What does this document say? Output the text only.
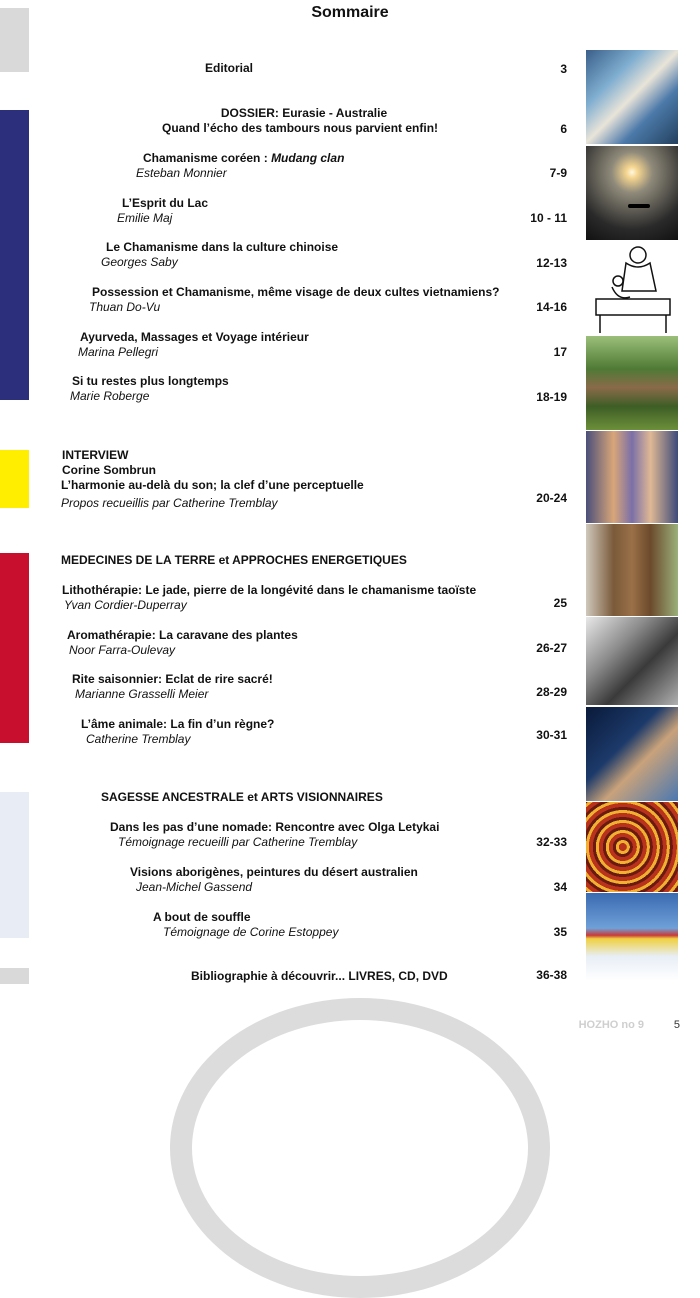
Sommaire
Editorial	3
DOSSIER: Eurasie - Australie
Quand l’écho des tambours nous parvient enfin!	6
Chamanisme coréen : Mudang clan
Esteban Monnier	7-9
L’Esprit du Lac
Emilie Maj	10 - 11
Le Chamanisme dans la culture chinoise
Georges Saby	12-13
Possession et Chamanisme, même visage de deux cultes vietnamiens?
Thuan Do-Vu	14-16
Ayurveda, Massages et Voyage intérieur
Marina Pellegri	17
Si tu restes plus longtemps
Marie Roberge	18-19
INTERVIEW
Corine Sombrun
L’harmonie au-delà du son; la clef d’une perceptuelle
Propos recueillis par Catherine Tremblay	20-24
MEDECINES DE LA TERRE et APPROCHES ENERGETIQUES
Lithothérapie: Le jade, pierre de la longévité dans le chamanisme taoïste
Yvan Cordier-Duperray	25
Aromathérapie: La caravane des plantes
Noor Farra-Oulevay	26-27
Rite saisonnier: Eclat de rire sacré!
Marianne Grasselli Meier	28-29
L’âme animale: La fin d’un règne?
Catherine Tremblay	30-31
SAGESSE ANCESTRALE et ARTS VISIONNAIRES
Dans les pas d’une nomade: Rencontre avec Olga Letykai
Témoignage recueilli par Catherine Tremblay	32-33
Visions aborigènes, peintures du désert australien
Jean-Michel Gassend	34
A bout de souffle
Témoignage de Corine Estoppey	35
Bibliographie à découvrir... LIVRES, CD, DVD	36-38
HOZHO no 9	5
